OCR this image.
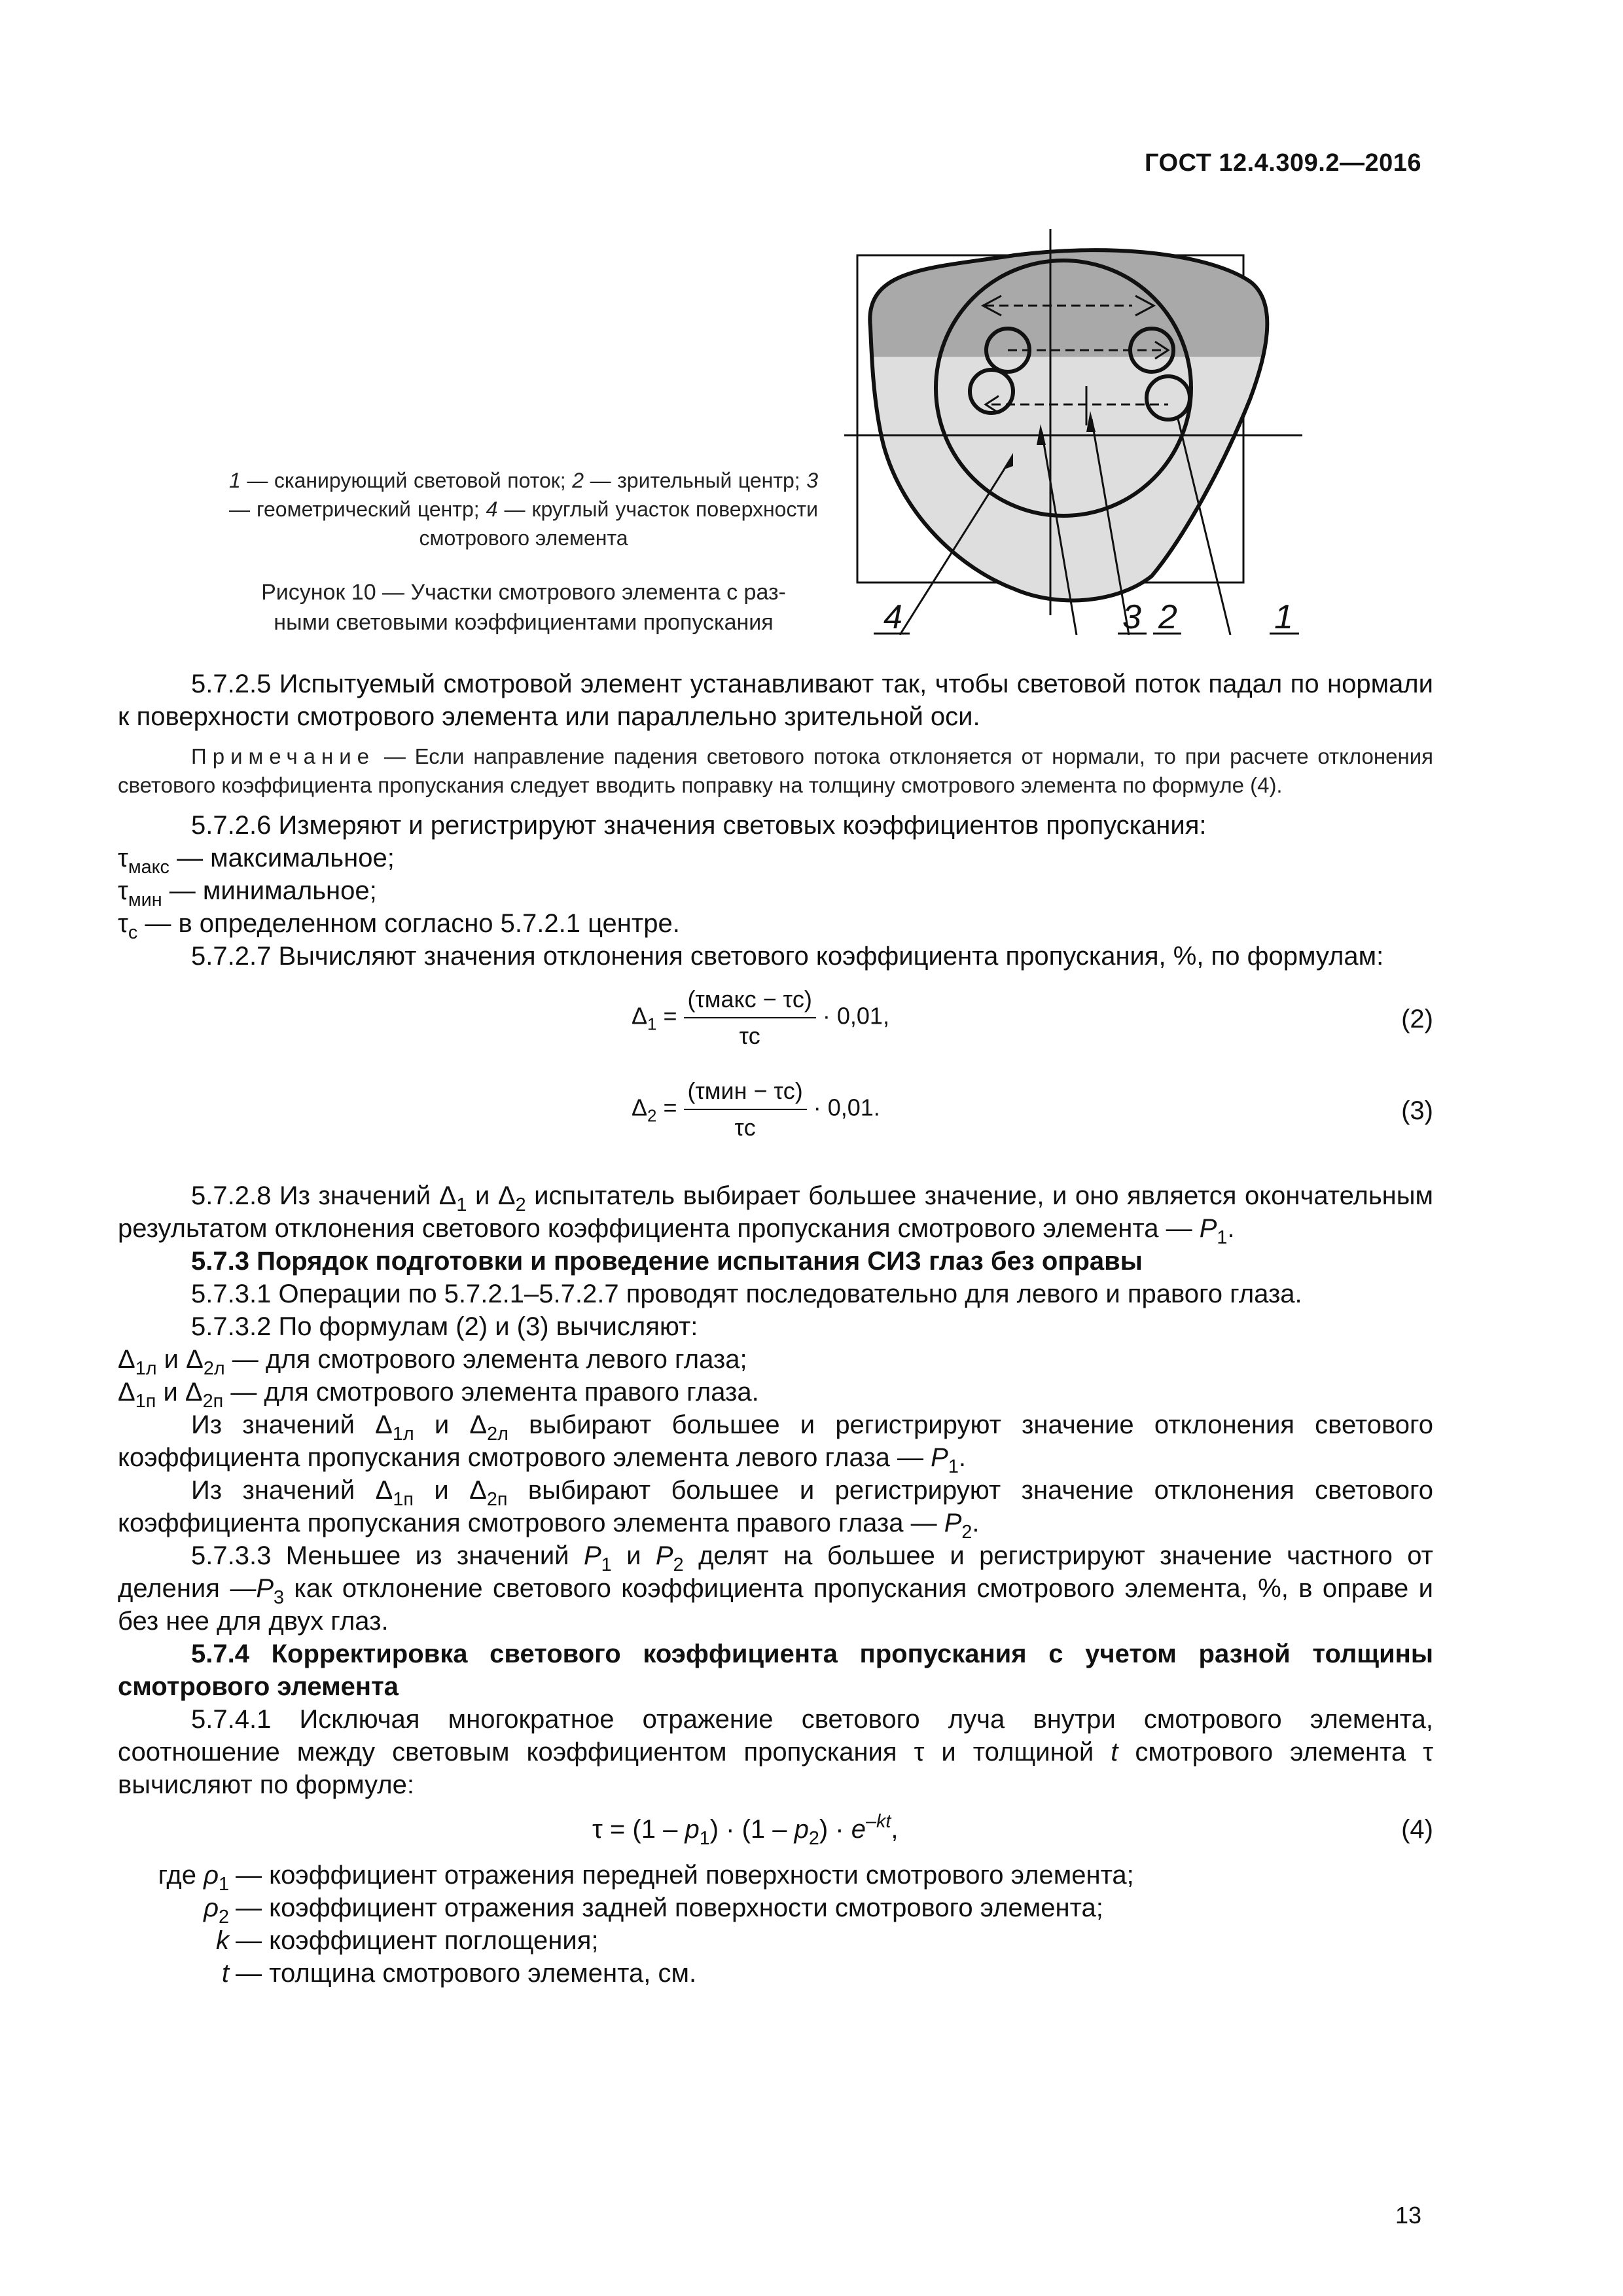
ГОСТ 12.4.309.2—2016
4	3 2	1
1 — сканирующий световой поток; 2 — зрительный центр; 3 — геометрический центр; 4 — круглый участок поверхности смотрового элемента
Рисунок 10 — Участки смотрового элемента с раз-
ными световыми коэффициентами пропускания

5.7.2.5 Испытуемый смотровой элемент устанавливают так, чтобы световой поток падал по нормали к поверхности смотрового элемента или параллельно зрительной оси.

Примечание — Если направление падения светового потока отклоняется от нормали, то при расчете отклонения светового коэффициента пропускания следует вводить поправку на толщину смотрового элемента по формуле (4).

5.7.2.6 Измеряют и регистрируют значения световых коэффициентов пропускания:

$\tau_{макс}$ — максимальное;

$\tau_{мин}$ — минимальное;

$\tau_с$ — в определенном согласно 5.7.2.1 центре.

5.7.2.7 Вычисляют значения отклонения светового коэффициента пропускания, %, по формулам:

$\Delta_1 = \frac{\text{(τмакс − τс)}}{\tau с} \cdot 0,01$,	(2)
$\Delta_2 = \frac{\text{(τмин − τс)}}{\tau с} \cdot 0,01$.	(3)

5.7.2.8 Из значений $\Delta_1$ и $\Delta_2$ испытатель выбирает большее значение, и оно является окончательным результатом отклонения светового коэффициента пропускания смотрового элемента — $P_1$.

5.7.3 Порядок подготовки и проведение испытания СИЗ глаз без оправы

5.7.3.1 Операции по 5.7.2.1–5.7.2.7 проводят последовательно для левого и правого глаза.

5.7.3.2 По формулам (2) и (3) вычисляют:

$\Delta_{1л}$ и $\Delta_{2л}$ — для смотрового элемента левого глаза;

$\Delta_{1п}$ и $\Delta_{2п}$ — для смотрового элемента правого глаза.

Из значений $\Delta_{1л}$ и $\Delta_{2л}$ выбирают большее и регистрируют значение отклонения светового коэффициента пропускания смотрового элемента левого глаза — $P_1$.

Из значений $\Delta_{1п}$ и $\Delta_{2п}$ выбирают большее и регистрируют значение отклонения светового коэффициента пропускания смотрового элемента правого глаза — $P_2$.

5.7.3.3 Меньшее из значений $P_1$ и $P_2$ делят на большее и регистрируют значение частного от деления $—P_3$ как отклонение светового коэффициента пропускания смотрового элемента, %, в оправе и без нее для двух глаз.

5.7.4 Корректировка светового коэффициента пропускания с учетом разной толщины смотрового элемента

5.7.4.1 Исключая многократное отражение светового луча внутри смотрового элемента, соотношение между световым коэффициентом пропускания τ и толщиной t смотрового элемента τ вычисляют по формуле:

$\tau = (1 - p_1) \cdot (1 - p_2) \cdot e^{-kt}$,	(4)
где $\rho_1$ — коэффициент отражения передней поверхности смотрового элемента;
$\rho_2$ — коэффициент отражения задней поверхности смотрового элемента;
k — коэффициент поглощения;
t — толщина смотрового элемента, см.
13
